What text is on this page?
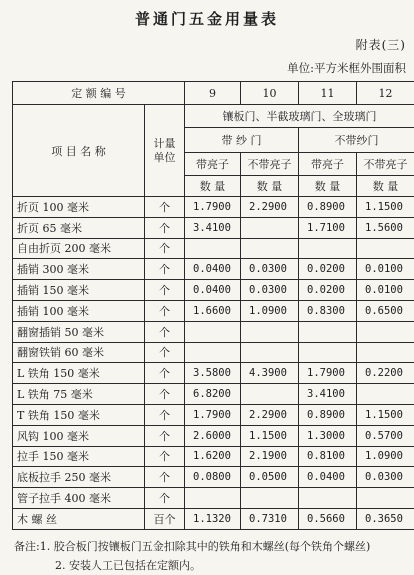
普通门五金用量表
附表(三)
单位:平方米框外围面积
定 额 编 号		9	10	11	12
项 目 名 称	计量
单位	镶板门、半截玻璃门、全玻璃门			
		带 纱 门		不带纱门	
		带亮子	不带亮子	带亮子	不带亮子
		数 量	数 量	数 量	数 量
折页 100 毫米	个	1.7900	2.2900	0.8900	1.1500
折页 65 毫米	个	3.4100		1.7100	1.5600
自由折页 200 毫米	个				
插销 300 毫米	个	0.0400	0.0300	0.0200	0.0100
插销 150 毫米	个	0.0400	0.0300	0.0200	0.0100
插销 100 毫米	个	1.6600	1.0900	0.8300	0.6500
翻窗插销 50 毫米	个				
翻窗铁销 60 毫米	个				
L 铁角 150 毫米	个	3.5800	4.3900	1.7900	0.2200
L 铁角 75 毫米	个	6.8200		3.4100	
T 铁角 150 毫米	个	1.7900	2.2900	0.8900	1.1500
风钩 100 毫米	个	2.6000	1.1500	1.3000	0.5700
拉手 150 毫米	个	1.6200	2.1900	0.8100	1.0900
底板拉手 250 毫米	个	0.0800	0.0500	0.0400	0.0300
管子拉手 400 毫米	个				
木 螺 丝	百个	1.1320	0.7310	0.5660	0.3650
备注:1. 胶合板门按镶板门五金扣除其中的铁角和木螺丝(每个铁角个螺丝)
2. 安装人工已包括在定额内。
